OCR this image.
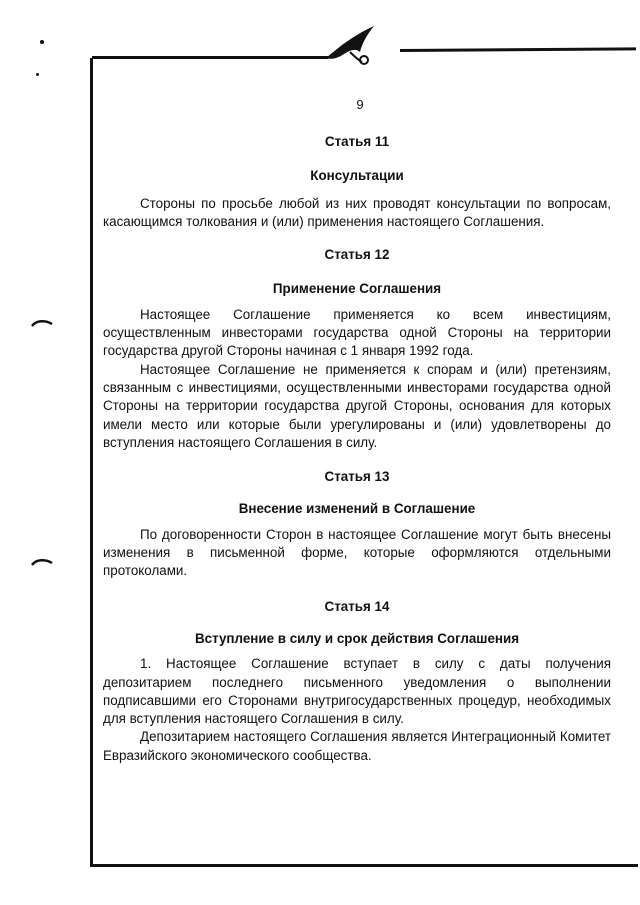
9
Статья 11
Консультации

Стороны по просьбе любой из них проводят консультации по вопросам, касающимся толкования и (или) применения настоящего Соглашения.

Статья 12
Применение Соглашения

Настоящее Соглашение применяется ко всем инвестициям, осуществленным инвесторами государства одной Стороны на территории государства другой Стороны начиная с 1 января 1992 года.

Настоящее Соглашение не применяется к спорам и (или) претензиям, связанным с инвестициями, осуществленными инвесторами государства одной Стороны на территории государства другой Стороны, основания для которых имели место или которые были урегулированы и (или) удовлетворены до вступления настоящего Соглашения в силу.

Статья 13
Внесение изменений в Соглашение

По договоренности Сторон в настоящее Соглашение могут быть внесены изменения в письменной форме, которые оформляются отдельными протоколами.

Статья 14
Вступление в силу и срок действия Соглашения

1. Настоящее Соглашение вступает в силу с даты получения депозитарием последнего письменного уведомления о выполнении подписавшими его Сторонами внутригосударственных процедур, необходимых для вступления настоящего Соглашения в силу.

Депозитарием настоящего Соглашения является Интеграционный Комитет Евразийского экономического сообщества.
